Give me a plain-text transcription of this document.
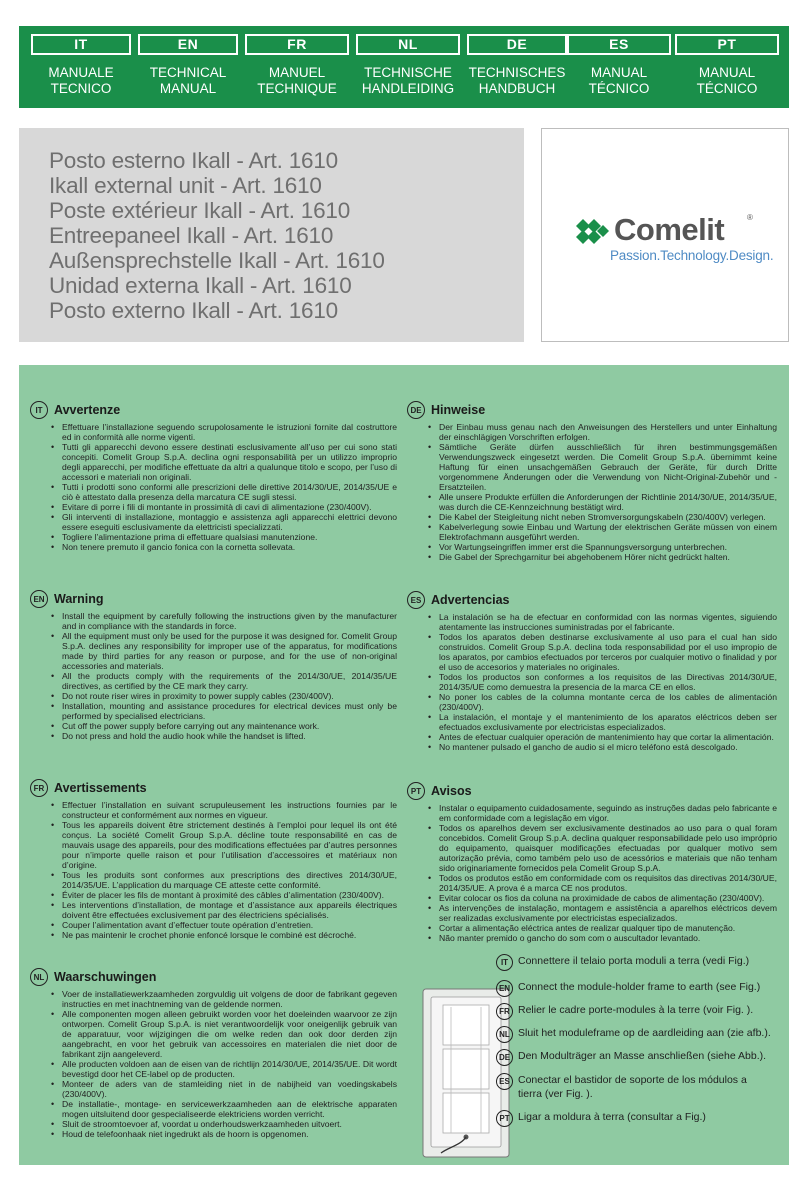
IT
MANUALE
TECNICO
EN
TECHNICAL
MANUAL
FR
MANUEL
TECHNIQUE
NL
TECHNISCHE
HANDLEIDING
DE
TECHNISCHES
HANDBUCH
ES
MANUAL
TÉCNICO
PT
MANUAL
TÉCNICO
Posto esterno Ikall - Art. 1610
Ikall external unit - Art. 1610
Poste extérieur Ikall - Art. 1610
Entreepaneel Ikall - Art. 1610
Außensprechstelle Ikall - Art. 1610
Unidad externa Ikall - Art. 1610
Posto externo Ikall - Art. 1610
Comelit	®
Passion.Technology.Design.
IT Avvertenze
• Effettuare l’installazione seguendo scrupolosamente le istruzioni fornite dal costruttore ed in conformità alle norme vigenti.
• Tutti gli apparecchi devono essere destinati esclusivamente all’uso per cui sono stati concepiti. Comelit Group S.p.A. declina ogni responsabilità per un utilizzo improprio degli apparecchi, per modifiche effettuate da altri a qualunque titolo e scopo, per l’uso di accessori e materiali non originali.
• Tutti i prodotti sono conformi alle prescrizioni delle direttive 2014/30/UE, 2014/35/UE e ciò è attestato dalla presenza della marcatura CE sugli stessi.
• Evitare di porre i fili di montante in prossimità di cavi di alimentazione (230/400V).
• Gli interventi di installazione, montaggio e assistenza agli apparecchi elettrici devono essere eseguiti esclusivamente da elettricisti specializzati.
• Togliere l’alimentazione prima di effettuare qualsiasi manutenzione.
• Non tenere premuto il gancio fonica con la cornetta sollevata.
EN Warning
• Install the equipment by carefully following the instructions given by the manufacturer and in compliance with the standards in force.
• All the equipment must only be used for the purpose it was designed for. Comelit Group S.p.A. declines any responsibility for improper use of the apparatus, for modifications made by third parties for any reason or purpose, and for the use of non-original accessories and materials.
• All the products comply with the requirements of the 2014/30/UE, 2014/35/UE directives, as certified by the CE mark they carry.
• Do not route riser wires in proximity to power supply cables (230/400V).
• Installation, mounting and assistance procedures for electrical devices must only be performed by specialised electricians.
• Cut off the power supply before carrying out any maintenance work.
• Do not press and hold the audio hook while the handset is lifted.
FR Avertissements
• Effectuer l’installation en suivant scrupuleusement les instructions fournies par le constructeur et conformément aux normes en vigueur.
• Tous les appareils doivent être strictement destinés à l’emploi pour lequel ils ont été conçus. La société Comelit Group S.p.A. décline toute responsabilité en cas de mauvais usage des appareils, pour des modifications effectuées par d’autres personnes pour n’importe quelle raison et pour l’utilisation d’accessoires et matériaux non d’origine.
• Tous les produits sont conformes aux prescriptions des directives 2014/30/UE, 2014/35/UE. L’application du marquage CE atteste cette conformité.
• Éviter de placer les fils de montant à proximité des câbles d’alimentation (230/400V).
• Les interventions d’installation, de montage et d’assistance aux appareils électriques doivent être effectuées exclusivement par des électriciens spécialisés.
• Couper l’alimentation avant d’effectuer toute opération d’entretien.
• Ne pas maintenir le crochet phonie enfoncé lorsque le combiné est décroché.
NL Waarschuwingen
• Voer de installatiewerkzaamheden zorgvuldig uit volgens de door de fabrikant gegeven instructies en met inachtneming van de geldende normen.
• Alle componenten mogen alleen gebruikt worden voor het doeleinden waarvoor ze zijn ontworpen. Comelit Group S.p.A. is niet verantwoordelijk voor oneigenlijk gebruik van de apparatuur, voor wijzigingen die om welke reden dan ook door derden zijn aangebracht, en voor het gebruik van accessoires en materialen die niet door de fabrikant zijn aangeleverd.
• Alle producten voldoen aan de eisen van de richtlijn 2014/30/UE, 2014/35/UE. Dit wordt bevestigd door het CE-label op de producten.
• Monteer de aders van de stamleiding niet in de nabijheid van voedingskabels (230/400V).
• De installatie-, montage- en servicewerkzaamheden aan de elektrische apparaten mogen uitsluitend door gespecialiseerde elektriciens worden verricht.
• Sluit de stroomtoevoer af, voordat u onderhoudswerkzaamheden uitvoert.
• Houd de telefoonhaak niet ingedrukt als de hoorn is opgenomen.
DE Hinweise
• Der Einbau muss genau nach den Anweisungen des Herstellers und unter Einhaltung der einschlägigen Vorschriften erfolgen.
• Sämtliche Geräte dürfen ausschließlich für ihren bestimmungsgemäßen Verwendungszweck eingesetzt werden. Die Comelit Group S.p.A. übernimmt keine Haftung für einen unsachgemäßen Gebrauch der Geräte, für durch Dritte vorgenommene Änderungen oder die Verwendung von Nicht-Original-Zubehör und -Ersatzteilen.
• Alle unsere Produkte erfüllen die Anforderungen der Richtlinie 2014/30/UE, 2014/35/UE, was durch die CE-Kennzeichnung bestätigt wird.
• Die Kabel der Steigleitung nicht neben Stromversorgungskabeln (230/400V) verlegen.
• Kabelverlegung sowie Einbau und Wartung der elektrischen Geräte müssen von einem Elektrofachmann ausgeführt werden.
• Vor Wartungseingriffen immer erst die Spannungsversorgung unterbrechen.
• Die Gabel der Sprechgarnitur bei abgehobenem Hörer nicht gedrückt halten.
ES Advertencias
• La instalación se ha de efectuar en conformidad con las normas vigentes, siguiendo atentamente las instrucciones suministradas por el fabricante.
• Todos los aparatos deben destinarse exclusivamente al uso para el cual han sido construidos. Comelit Group S.p.A. declina toda responsabilidad por el uso impropio de los aparatos, por cambios efectuados por terceros por cualquier motivo o finalidad y por el uso de accesorios y materiales no originales.
• Todos los productos son conformes a los requisitos de las Directivas 2014/30/UE, 2014/35/UE como demuestra la presencia de la marca CE en ellos.
• No poner los cables de la columna montante cerca de los cables de alimentación (230/400V).
• La instalación, el montaje y el mantenimiento de los aparatos eléctricos deben ser efectuados exclusivamente por electricistas especializados.
• Antes de efectuar cualquier operación de mantenimiento hay que cortar la alimentación.
• No mantener pulsado el gancho de audio si el micro teléfono está descolgado.
PT Avisos
• Instalar o equipamento cuidadosamente, seguindo as instruções dadas pelo fabricante e em conformidade com a legislação em vigor.
• Todos os aparelhos devem ser exclusivamente destinados ao uso para o qual foram concebidos. Comelit Group S.p.A. declina qualquer responsabilidade pelo uso impróprio do equipamento, quaisquer modificações efectuadas por qualquer motivo sem autorização prévia, como também pelo uso de acessórios e materiais que não tenham sido originariamente fornecidos pela Comelit Group S.p.A.
• Todos os produtos estão em conformidade com os requisitos das directivas 2014/30/UE, 2014/35/UE. A prova é a marca CE nos produtos.
• Evitar colocar os fios da coluna na proximidade de cabos de alimentação (230/400V).
• As intervenções de instalação, montagem e assistência a aparelhos eléctricos devem ser realizadas exclusivamente por electricistas especializados.
• Cortar a alimentação eléctrica antes de realizar qualquer tipo de manutenção.
• Não manter premido o gancho do som com o auscultador levantado.
IT Connettere il telaio porta moduli a terra (vedi Fig.)
EN Connect the module-holder frame to earth (see Fig.)
FR Relier le cadre porte-modules à la terre (voir Fig. ).
NL Sluit het moduleframe op de aardleiding aan (zie afb.).
DE Den Modulträger an Masse anschließen (siehe Abb.).
ES Conectar el bastidor de soporte de los módulos a tierra (ver Fig. ).
PT Ligar a moldura à terra (consultar a Fig.)
